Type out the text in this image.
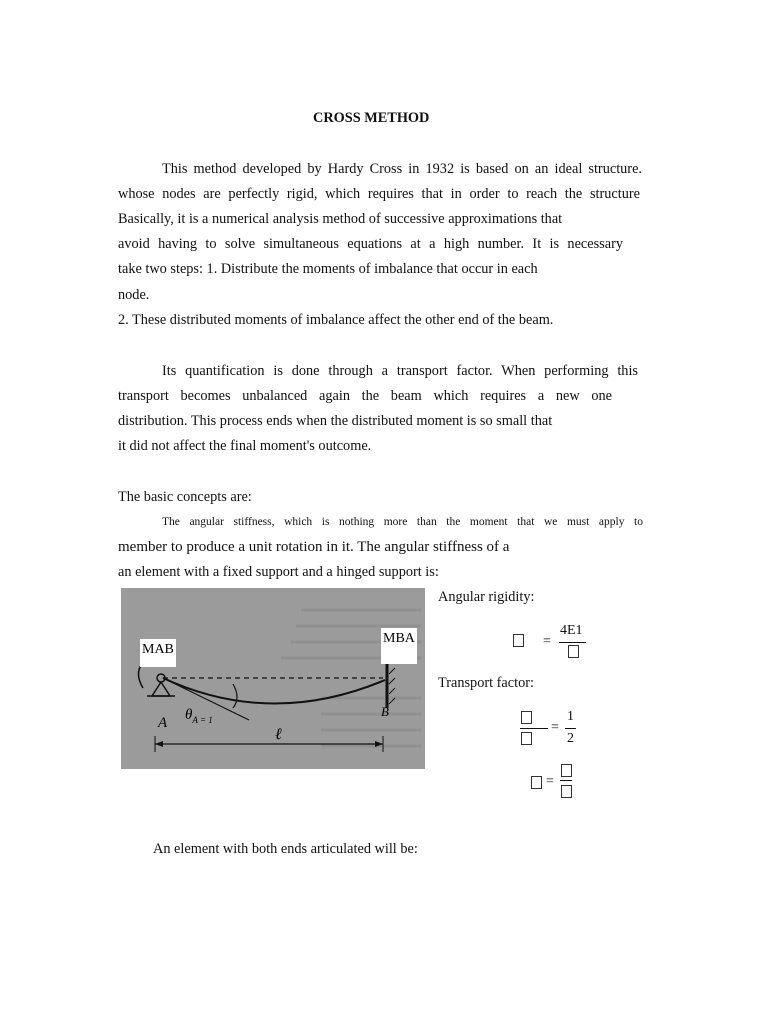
CROSS METHOD
This method developed by Hardy Cross in 1932 is based on an ideal structure.
whose nodes are perfectly rigid, which requires that in order to reach the structure
Basically, it is a numerical analysis method of successive approximations that
avoid having to solve simultaneous equations at a high number. It is necessary
take two steps: 1. Distribute the moments of imbalance that occur in each
node.
2. These distributed moments of imbalance affect the other end of the beam.
Its quantification is done through a transport factor. When performing this
transport becomes unbalanced again the beam which requires a new one
distribution. This process ends when the distributed moment is so small that
it did not affect the final moment's outcome.
The basic concepts are:
The angular stiffness, which is nothing more than the moment that we must apply to
member to produce a unit rotation in it. The angular stiffness of a
an element with a fixed support and a hinged support is:
A
B
$\theta_{A = 1}$
ℓ
MAB
MBA
Angular rigidity:
=
4E1
Transport factor:
=
1
2
=
An element with both ends articulated will be:
